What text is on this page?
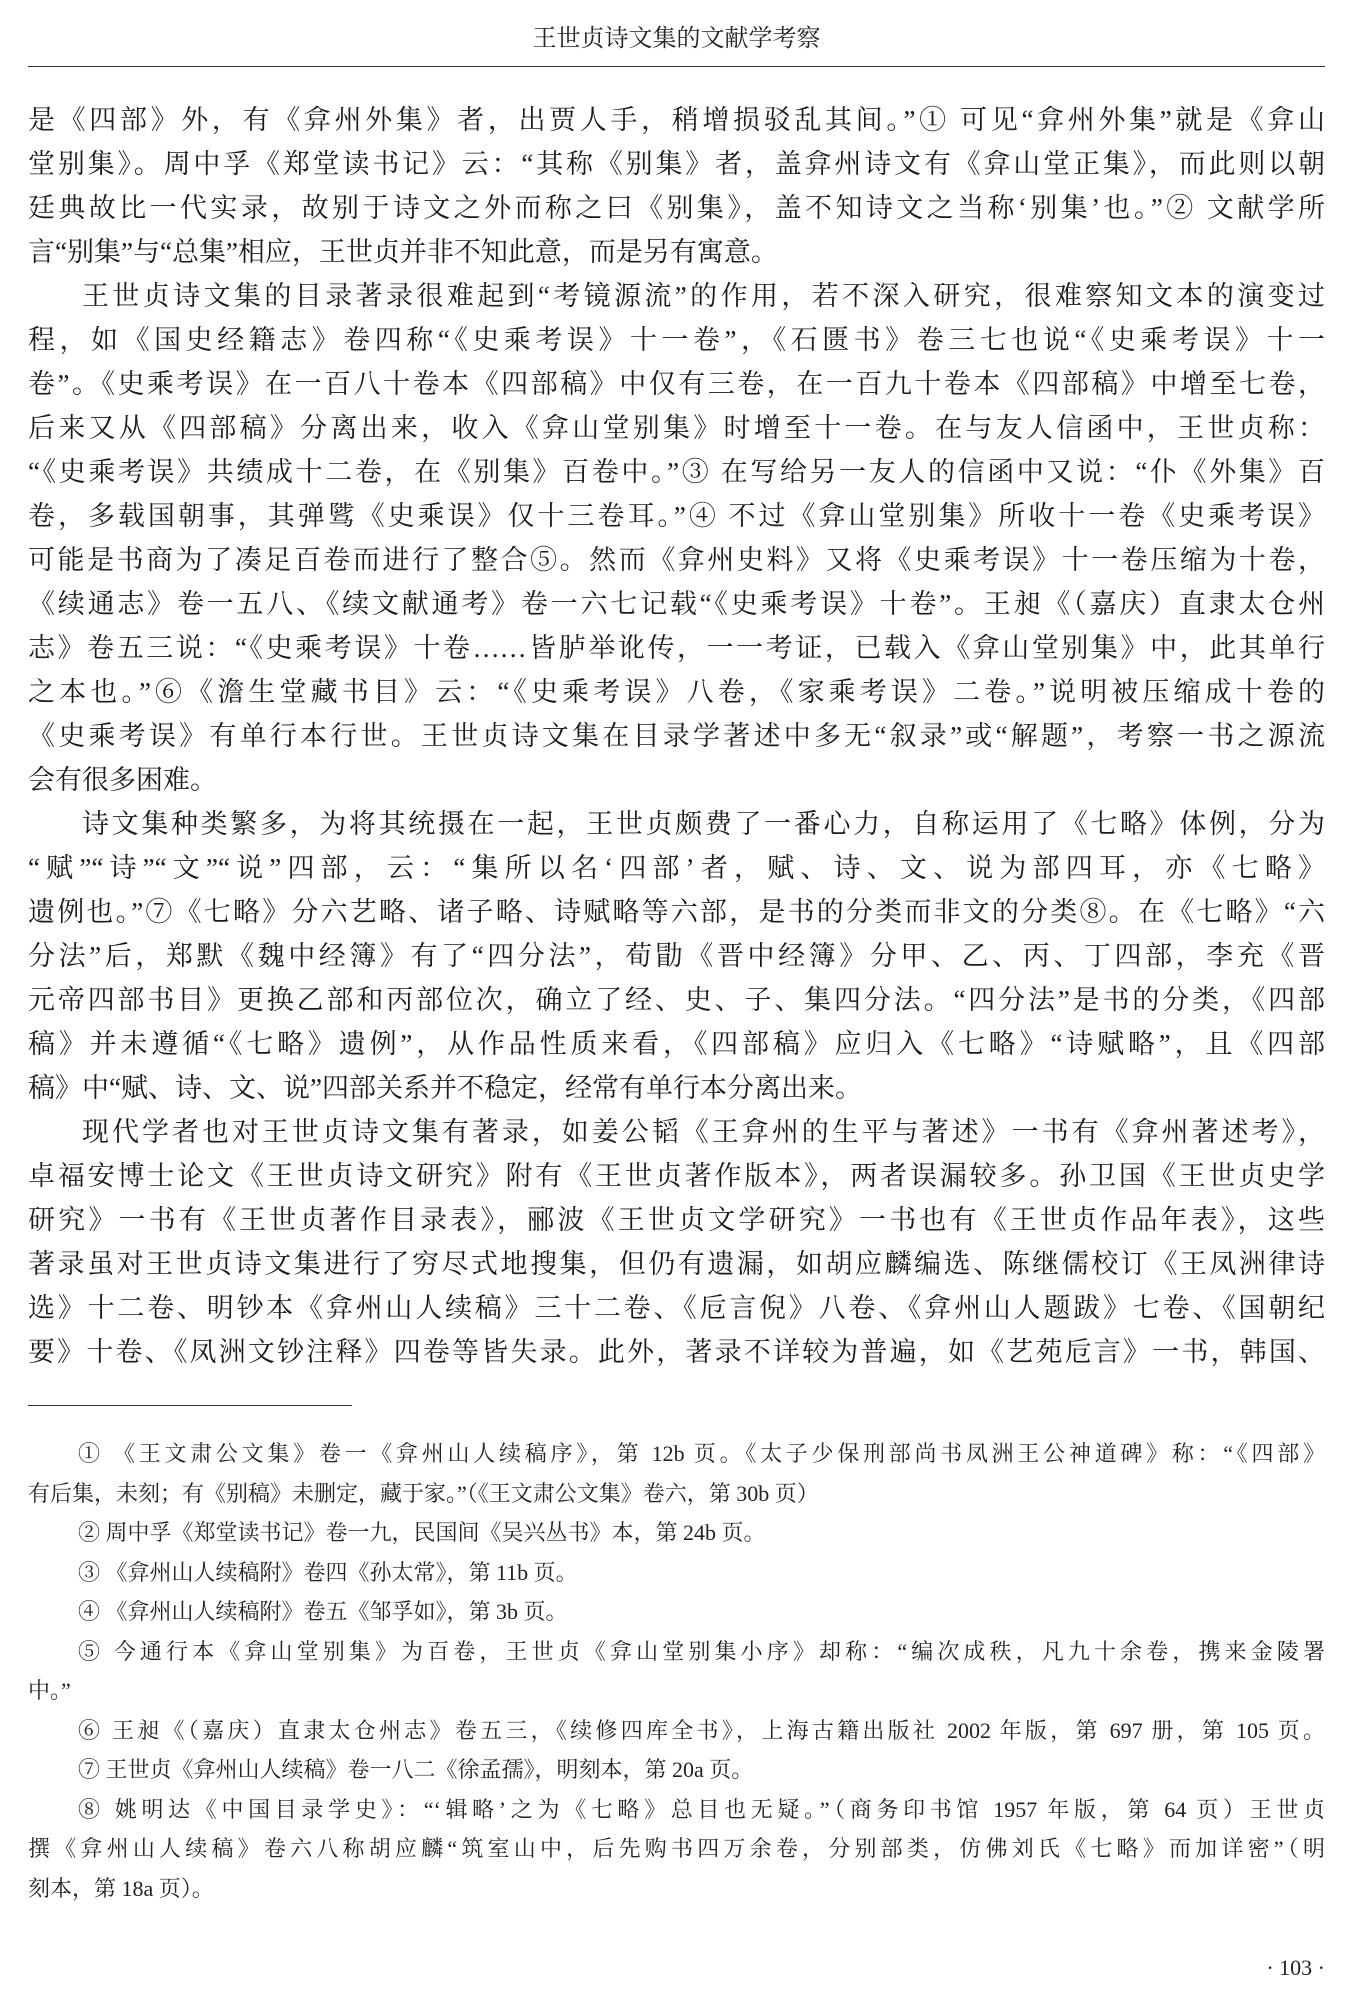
王世贞诗文集的文献学考察
是《四部》外，有《弇州外集》者，出贾人手，稍增损驳乱其间。”① 可见“弇州外集”就是《弇山
堂别集》。周中孚《郑堂读书记》云：“其称《别集》者，盖弇州诗文有《弇山堂正集》，而此则以朝
廷典故比一代实录，故别于诗文之外而称之曰《别集》，盖不知诗文之当称‘别集’也。”② 文献学所
言“别集”与“总集”相应，王世贞并非不知此意，而是另有寓意。
王世贞诗文集的目录著录很难起到“考镜源流”的作用，若不深入研究，很难察知文本的演变过
程，如《国史经籍志》卷四称“《史乘考误》十一卷”，《石匮书》卷三七也说“《史乘考误》十一
卷”。《史乘考误》在一百八十卷本《四部稿》中仅有三卷，在一百九十卷本《四部稿》中增至七卷，
后来又从《四部稿》分离出来，收入《弇山堂别集》时增至十一卷。在与友人信函中，王世贞称：
“《史乘考误》共绩成十二卷，在《别集》百卷中。”③ 在写给另一友人的信函中又说：“仆《外集》百
卷，多载国朝事，其弹骘《史乘误》仅十三卷耳。”④ 不过《弇山堂别集》所收十一卷《史乘考误》
可能是书商为了凑足百卷而进行了整合⑤。然而《弇州史料》又将《史乘考误》十一卷压缩为十卷，
《续通志》卷一五八、《续文献通考》卷一六七记载“《史乘考误》十卷”。王昶《（嘉庆）直隶太仓州
志》卷五三说：“《史乘考误》十卷……皆胪举讹传，一一考证，已载入《弇山堂别集》中，此其单行
之本也。”⑥《澹生堂藏书目》云：“《史乘考误》八卷，《家乘考误》二卷。”说明被压缩成十卷的
《史乘考误》有单行本行世。王世贞诗文集在目录学著述中多无“叙录”或“解题”，考察一书之源流
会有很多困难。
诗文集种类繁多，为将其统摄在一起，王世贞颇费了一番心力，自称运用了《七略》体例，分为
“赋”“诗”“文”“说”四部，云：“集所以名‘四部’者，赋、诗、文、说为部四耳，亦《七略》
遗例也。”⑦《七略》分六艺略、诸子略、诗赋略等六部，是书的分类而非文的分类⑧。在《七略》“六
分法”后，郑默《魏中经簿》有了“四分法”，荀勖《晋中经簿》分甲、乙、丙、丁四部，李充《晋
元帝四部书目》更换乙部和丙部位次，确立了经、史、子、集四分法。“四分法”是书的分类，《四部
稿》并未遵循“《七略》遗例”，从作品性质来看，《四部稿》应归入《七略》“诗赋略”，且《四部
稿》中“赋、诗、文、说”四部关系并不稳定，经常有单行本分离出来。
现代学者也对王世贞诗文集有著录，如姜公韬《王弇州的生平与著述》一书有《弇州著述考》，
卓福安博士论文《王世贞诗文研究》附有《王世贞著作版本》，两者误漏较多。孙卫国《王世贞史学
研究》一书有《王世贞著作目录表》，郦波《王世贞文学研究》一书也有《王世贞作品年表》，这些
著录虽对王世贞诗文集进行了穷尽式地搜集，但仍有遗漏，如胡应麟编选、陈继儒校订《王凤洲律诗
选》十二卷、明钞本《弇州山人续稿》三十二卷、《卮言倪》八卷、《弇州山人题跋》七卷、《国朝纪
要》十卷、《凤洲文钞注释》四卷等皆失录。此外，著录不详较为普遍，如《艺苑卮言》一书，韩国、
① 《王文肃公文集》卷一《弇州山人续稿序》，第 12b 页。《太子少保刑部尚书凤洲王公神道碑》称：“《四部》
有后集，未刻；有《别稿》未删定，藏于家。”（《王文肃公文集》卷六，第 30b 页）
② 周中孚《郑堂读书记》卷一九，民国间《吴兴丛书》本，第 24b 页。
③ 《弇州山人续稿附》卷四《孙太常》，第 11b 页。
④ 《弇州山人续稿附》卷五《邹孚如》，第 3b 页。
⑤ 今通行本《弇山堂别集》为百卷，王世贞《弇山堂别集小序》却称：“编次成秩，凡九十余卷，携来金陵署
中。”
⑥ 王昶《（嘉庆）直隶太仓州志》卷五三，《续修四库全书》，上海古籍出版社 2002 年版，第 697 册，第 105 页。
⑦ 王世贞《弇州山人续稿》卷一八二《徐孟孺》，明刻本，第 20a 页。
⑧ 姚明达《中国目录学史》：“‘辑略’之为《七略》总目也无疑。”（商务印书馆 1957 年版，第 64 页）王世贞
撰《弇州山人续稿》卷六八称胡应麟“筑室山中，后先购书四万余卷，分别部类，仿佛刘氏《七略》而加详密”（明
刻本，第 18a 页）。
· 103 ·
